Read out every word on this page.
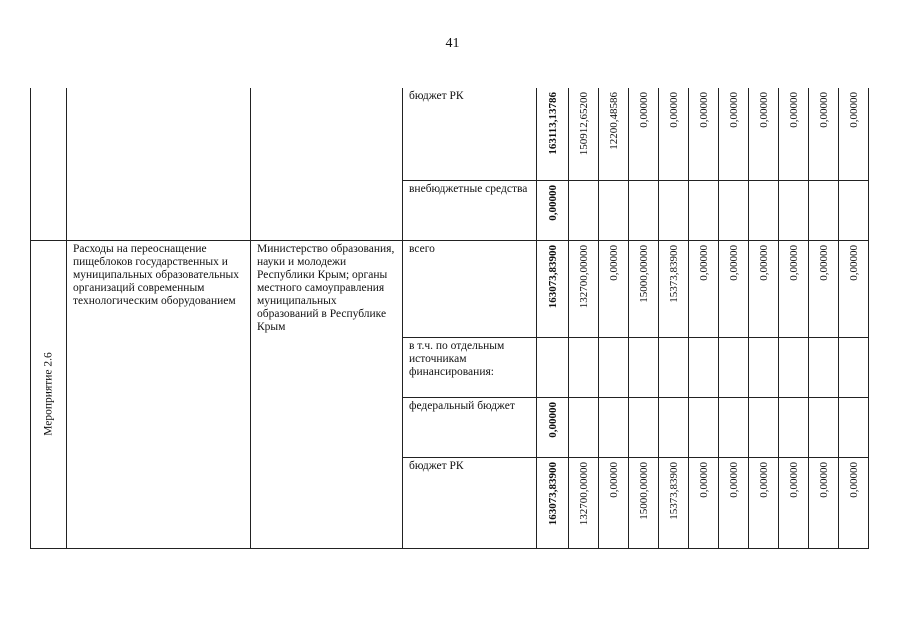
41

			бюджет РК	163113,13786	150912,65200	12200,48586	0,00000	0,00000	0,00000	0,00000	0,00000	0,00000	0,00000	0,00000

			внебюджетные средства	0,00000										

Мероприятие 2.6	Расходы на переоснащение пищеблоков государственных и муниципальных образовательных организаций современным технологическим оборудованием	Министерство образования, науки и молодежи Республики Крым; органы местного самоуправления муниципальных образований в Республике Крым	всего	163073,83900	132700,00000	0,00000	15000,00000	15373,83900	0,00000	0,00000	0,00000	0,00000	0,00000	0,00000

			в т.ч. по отдельным источникам финансирования:											

			федеральный бюджет	0,00000										

			бюджет РК	163073,83900	132700,00000	0,00000	15000,00000	15373,83900	0,00000	0,00000	0,00000	0,00000	0,00000	0,00000
